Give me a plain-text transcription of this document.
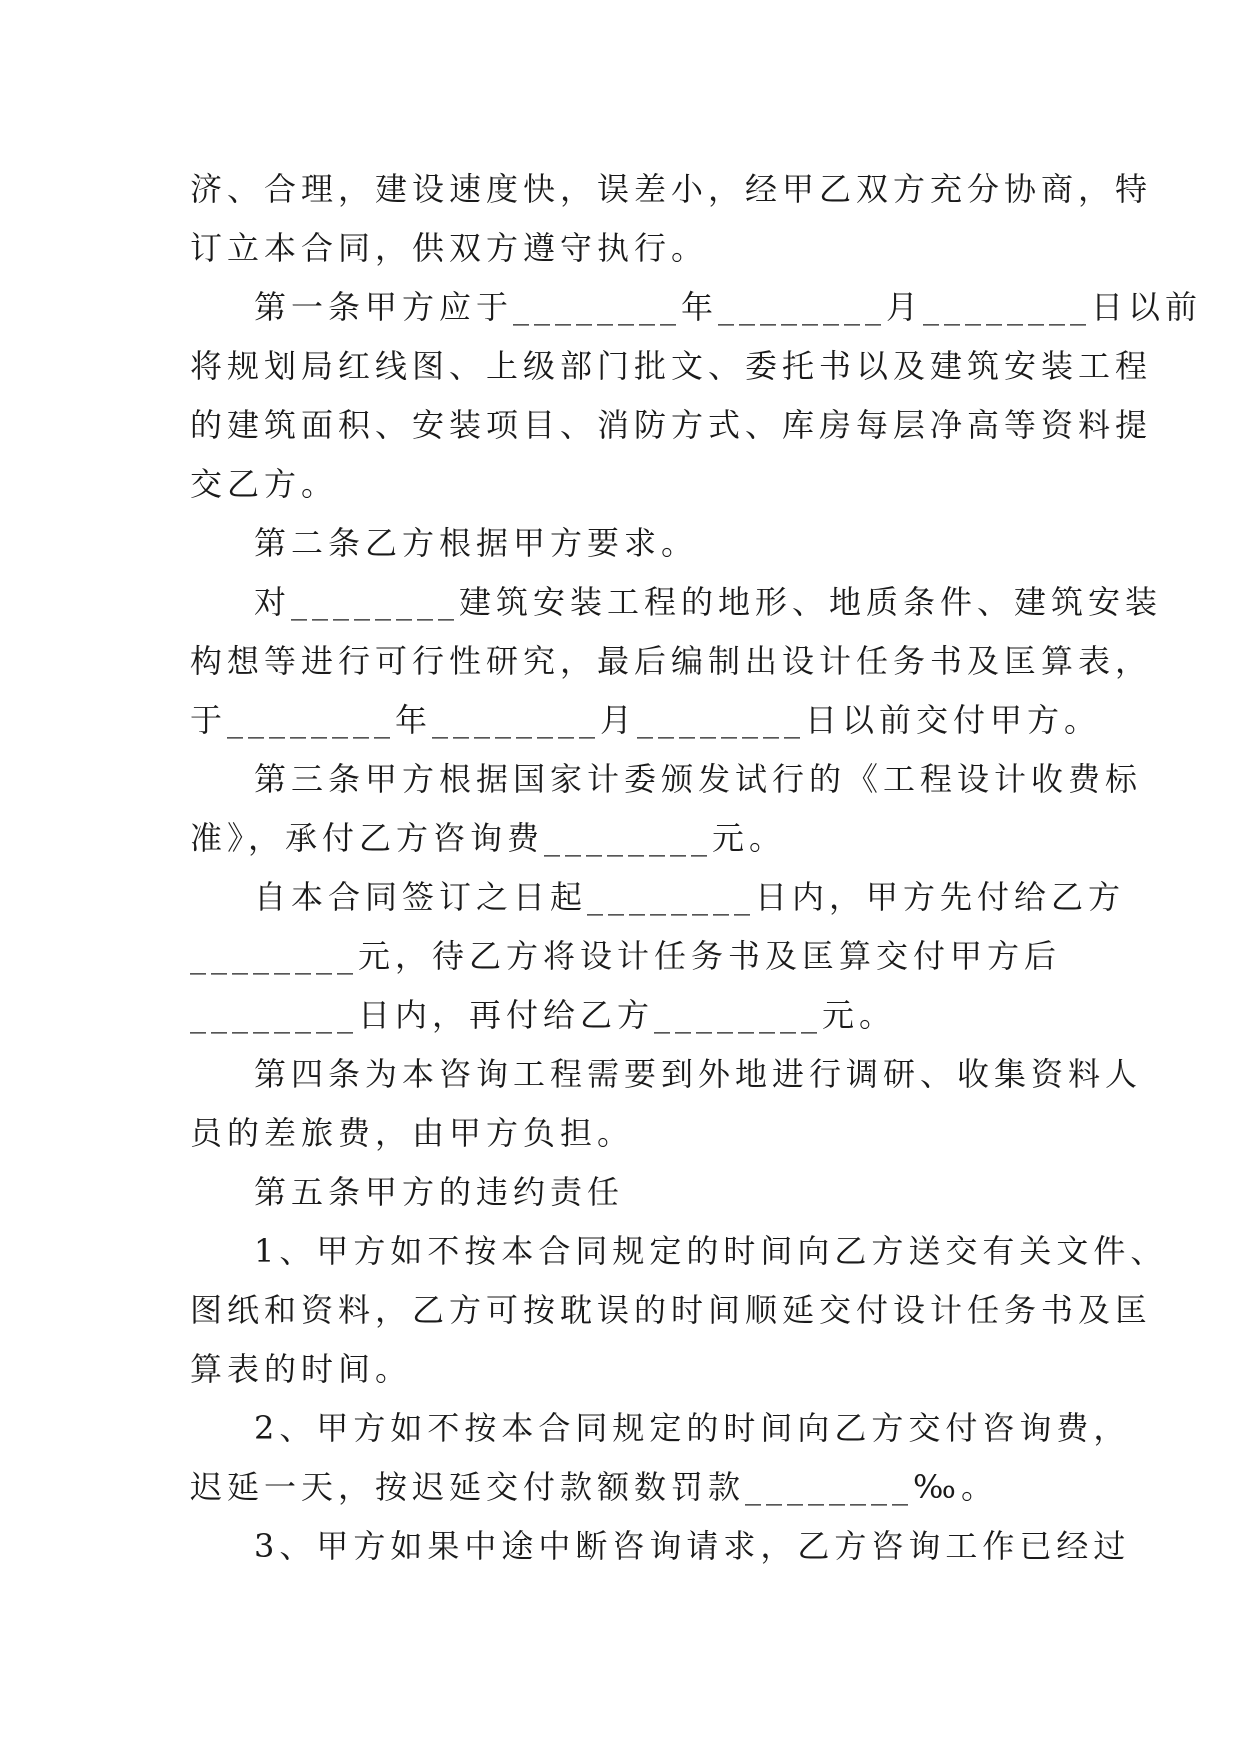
济、合理，建设速度快，误差小，经甲乙双方充分协商，特
订立本合同，供双方遵守执行。

第一条甲方应于________年________月________日以前
将规划局红线图、上级部门批文、委托书以及建筑安装工程
的建筑面积、安装项目、消防方式、库房每层净高等资料提
交乙方。

第二条乙方根据甲方要求。

对________建筑安装工程的地形、地质条件、建筑安装
构想等进行可行性研究，最后编制出设计任务书及匡算表，
于________年________月________日以前交付甲方。

第三条甲方根据国家计委颁发试行的《工程设计收费标
准》，承付乙方咨询费________元。

自本合同签订之日起________日内，甲方先付给乙方
________元，待乙方将设计任务书及匡算交付甲方后
________日内，再付给乙方________元。

第四条为本咨询工程需要到外地进行调研、收集资料人
员的差旅费，由甲方负担。

第五条甲方的违约责任

1、甲方如不按本合同规定的时间向乙方送交有关文件、
图纸和资料，乙方可按耽误的时间顺延交付设计任务书及匡
算表的时间。

2、甲方如不按本合同规定的时间向乙方交付咨询费，
迟延一天，按迟延交付款额数罚款________‰。

3、甲方如果中途中断咨询请求，乙方咨询工作已经过
